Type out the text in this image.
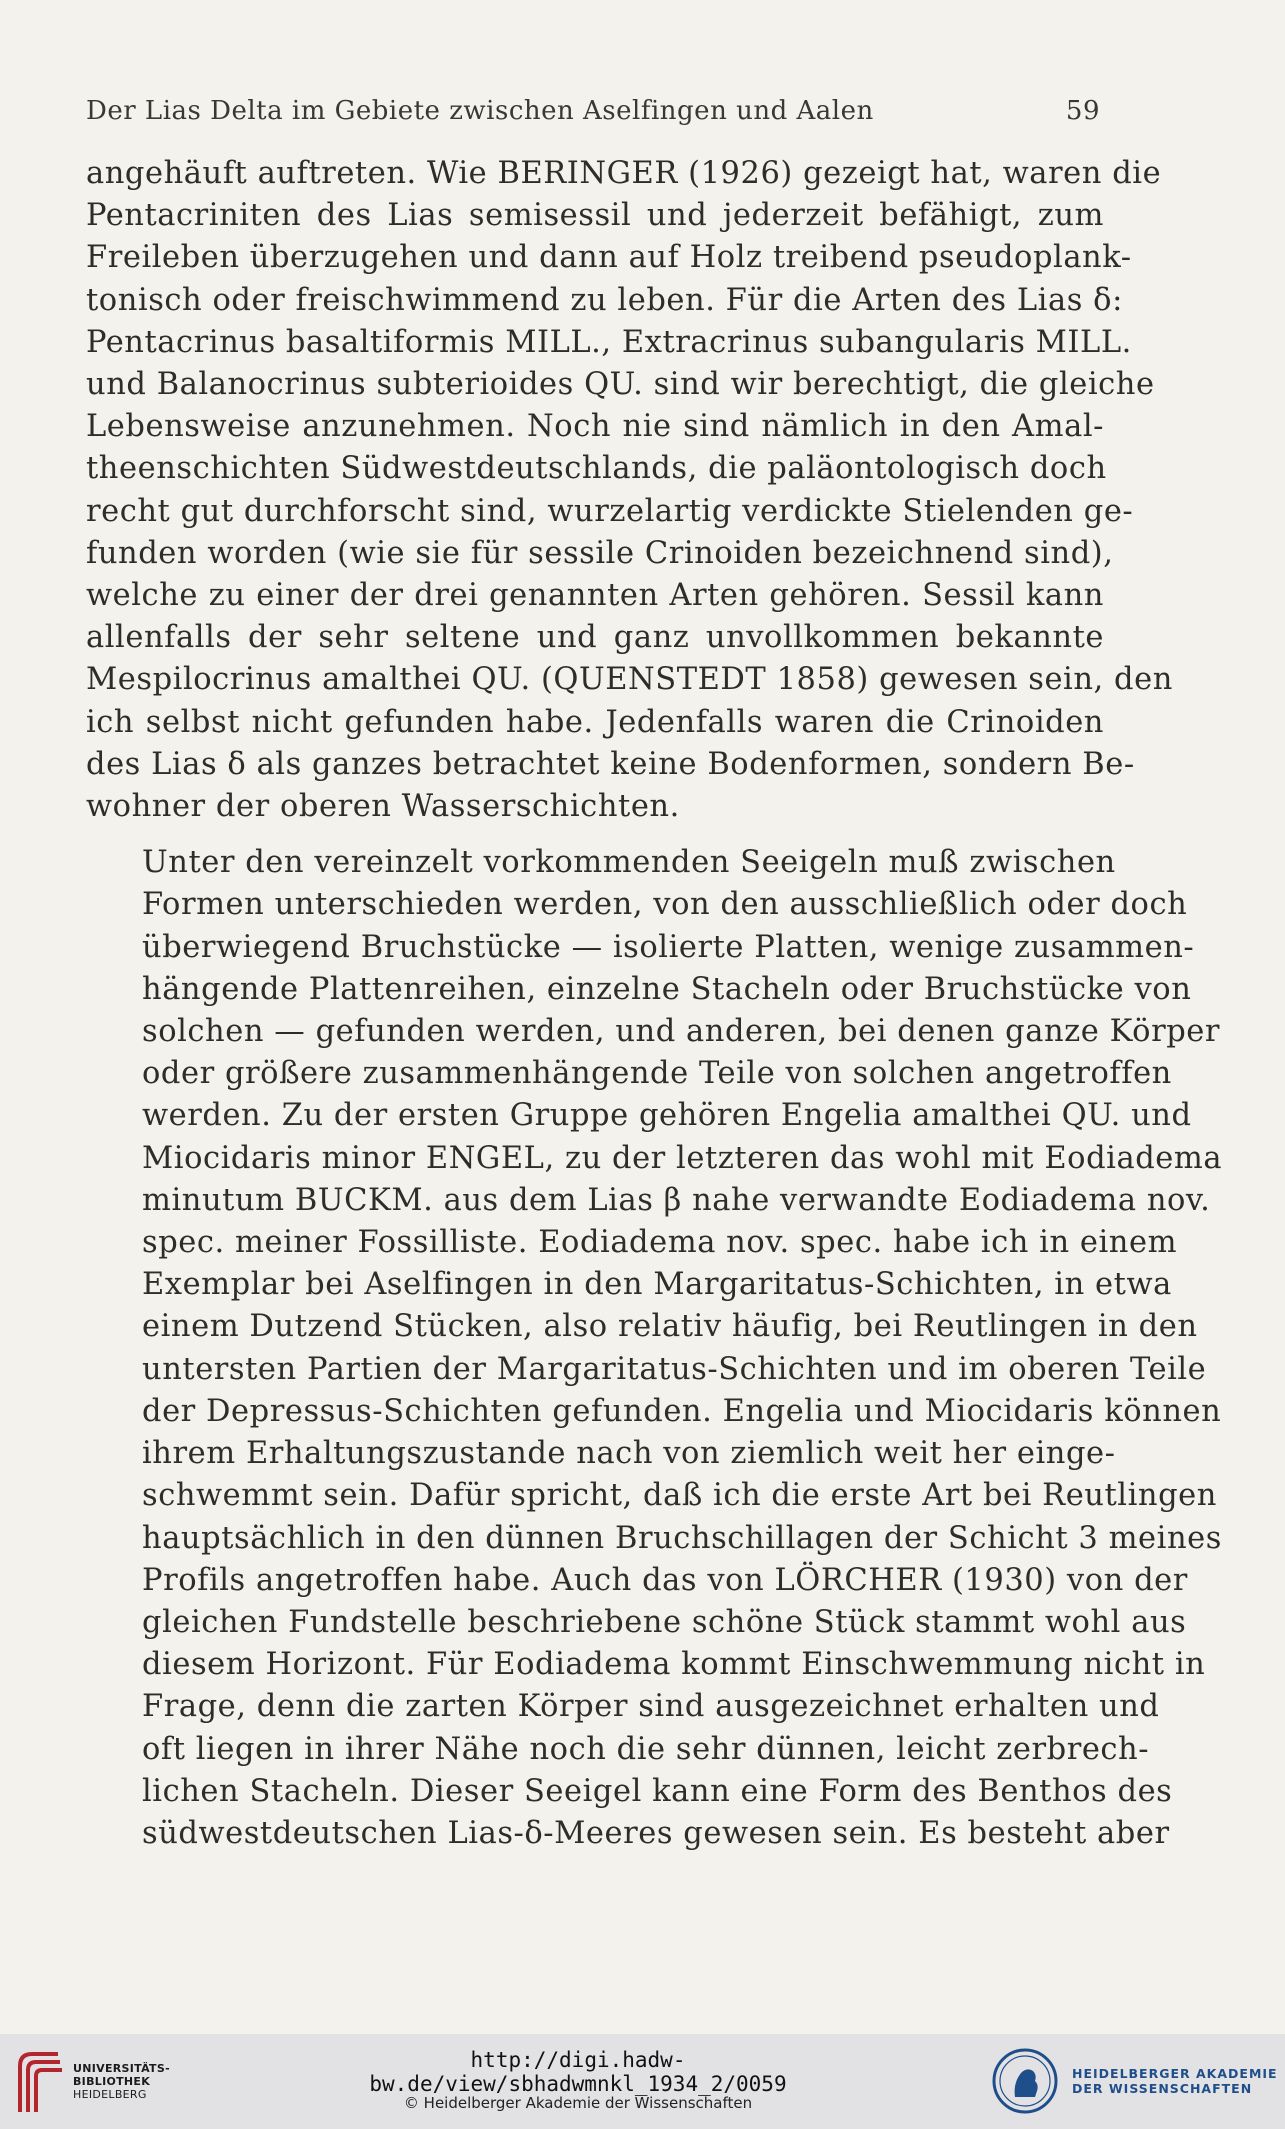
Der Lias Delta im Gebiete zwischen Aselfingen und Aalen	59

angehäuft auftreten. Wie BERINGER (1926) gezeigt hat, waren die
Pentacriniten des Lias semisessil und jederzeit befähigt, zum
Freileben überzugehen und dann auf Holz treibend pseudoplank-
tonisch oder freischwimmend zu leben. Für die Arten des Lias δ:
Pentacrinus basaltiformis MILL., Extracrinus subangularis MILL.
und Balanocrinus subterioides QU. sind wir berechtigt, die gleiche
Lebensweise anzunehmen. Noch nie sind nämlich in den Amal-
theenschichten Südwestdeutschlands, die paläontologisch doch
recht gut durchforscht sind, wurzelartig verdickte Stielenden ge-
funden worden (wie sie für sessile Crinoiden bezeichnend sind),
welche zu einer der drei genannten Arten gehören. Sessil kann
allenfalls der sehr seltene und ganz unvollkommen bekannte
Mespilocrinus amalthei QU. (QUENSTEDT 1858) gewesen sein, den
ich selbst nicht gefunden habe. Jedenfalls waren die Crinoiden
des Lias δ als ganzes betrachtet keine Bodenformen, sondern Be-
wohner der oberen Wasserschichten.

Unter den vereinzelt vorkommenden Seeigeln muß zwischen
Formen unterschieden werden, von den ausschließlich oder doch
überwiegend Bruchstücke — isolierte Platten, wenige zusammen-
hängende Plattenreihen, einzelne Stacheln oder Bruchstücke von
solchen — gefunden werden, und anderen, bei denen ganze Körper
oder größere zusammenhängende Teile von solchen angetroffen
werden. Zu der ersten Gruppe gehören Engelia amalthei QU. und
Miocidaris minor ENGEL, zu der letzteren das wohl mit Eodiadema
minutum BUCKM. aus dem Lias β nahe verwandte Eodiadema nov.
spec. meiner Fossilliste. Eodiadema nov. spec. habe ich in einem
Exemplar bei Aselfingen in den Margaritatus-Schichten, in etwa
einem Dutzend Stücken, also relativ häufig, bei Reutlingen in den
untersten Partien der Margaritatus-Schichten und im oberen Teile
der Depressus-Schichten gefunden. Engelia und Miocidaris können
ihrem Erhaltungszustande nach von ziemlich weit her einge-
schwemmt sein. Dafür spricht, daß ich die erste Art bei Reutlingen
hauptsächlich in den dünnen Bruchschillagen der Schicht 3 meines
Profils angetroffen habe. Auch das von LÖRCHER (1930) von der
gleichen Fundstelle beschriebene schöne Stück stammt wohl aus
diesem Horizont. Für Eodiadema kommt Einschwemmung nicht in
Frage, denn die zarten Körper sind ausgezeichnet erhalten und
oft liegen in ihrer Nähe noch die sehr dünnen, leicht zerbrech-
lichen Stacheln. Dieser Seeigel kann eine Form des Benthos des
südwestdeutschen Lias-δ-Meeres gewesen sein. Es besteht aber

UNIVERSITÄTS-
BIBLIOTHEK
HEIDELBERG
http://digi.hadw-bw.de/view/sbhadwmnkl_1934_2/0059
© Heidelberger Akademie der Wissenschaften
HEIDELBERGER AKADEMIE
DER WISSENSCHAFTEN
